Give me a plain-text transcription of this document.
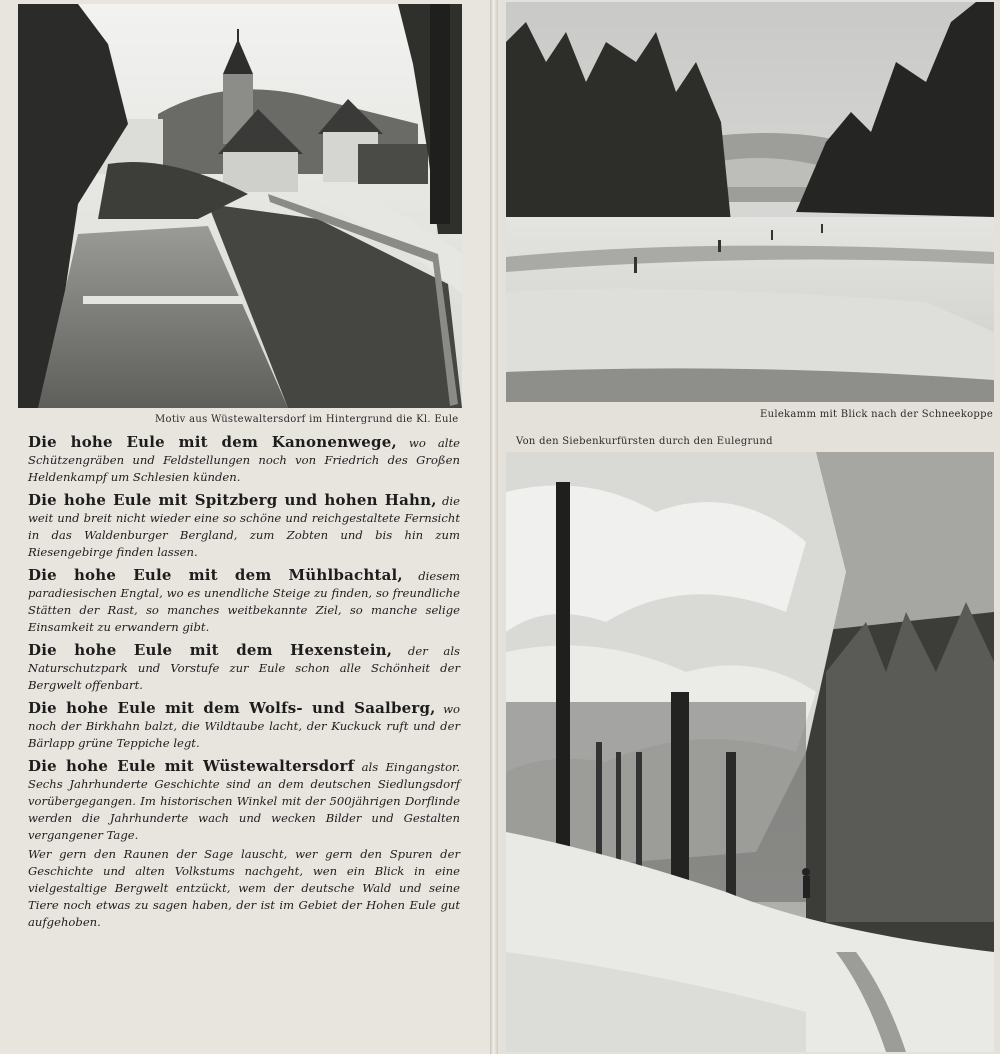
Motiv aus Wüstewaltersdorf im Hintergrund die Kl. Eule

Die hohe Eule mit dem Kanonenwege, wo alte Schützengräben und Feldstellungen noch von Friedrich des Großen Heldenkampf um Schlesien künden.

Die hohe Eule mit Spitzberg und hohen Hahn, die weit und breit nicht wieder eine so schöne und reichgestaltete Fernsicht in das Waldenburger Bergland, zum Zobten und bis hin zum Riesengebirge finden lassen.

Die hohe Eule mit dem Mühlbachtal, diesem paradiesischen Engtal, wo es unendliche Steige zu finden, so freundliche Stätten der Rast, so manches weitbekannte Ziel, so manche selige Einsamkeit zu erwandern gibt.

Die hohe Eule mit dem Hexenstein, der als Naturschutzpark und Vorstufe zur Eule schon alle Schönheit der Bergwelt offenbart.

Die hohe Eule mit dem Wolfs- und Saalberg, wo noch der Birkhahn balzt, die Wildtaube lacht, der Kuckuck ruft und der Bärlapp grüne Teppiche legt.

Die hohe Eule mit Wüstewaltersdorf als Eingangstor. Sechs Jahrhunderte Geschichte sind an dem deutschen Siedlungsdorf vorübergegangen. Im historischen Winkel mit der 500jährigen Dorflinde werden die Jahrhunderte wach und wecken Bilder und Gestalten vergangener Tage.

Wer gern den Raunen der Sage lauscht, wer gern den Spuren der Geschichte und alten Volkstums nachgeht, wen ein Blick in eine vielgestaltige Bergwelt entzückt, wem der deutsche Wald und seine Tiere noch etwas zu sagen haben, der ist im Gebiet der Hohen Eule gut aufgehoben.

Eulekamm mit Blick nach der Schneekoppe
Von den Siebenkurfürsten durch den Eulegrund
